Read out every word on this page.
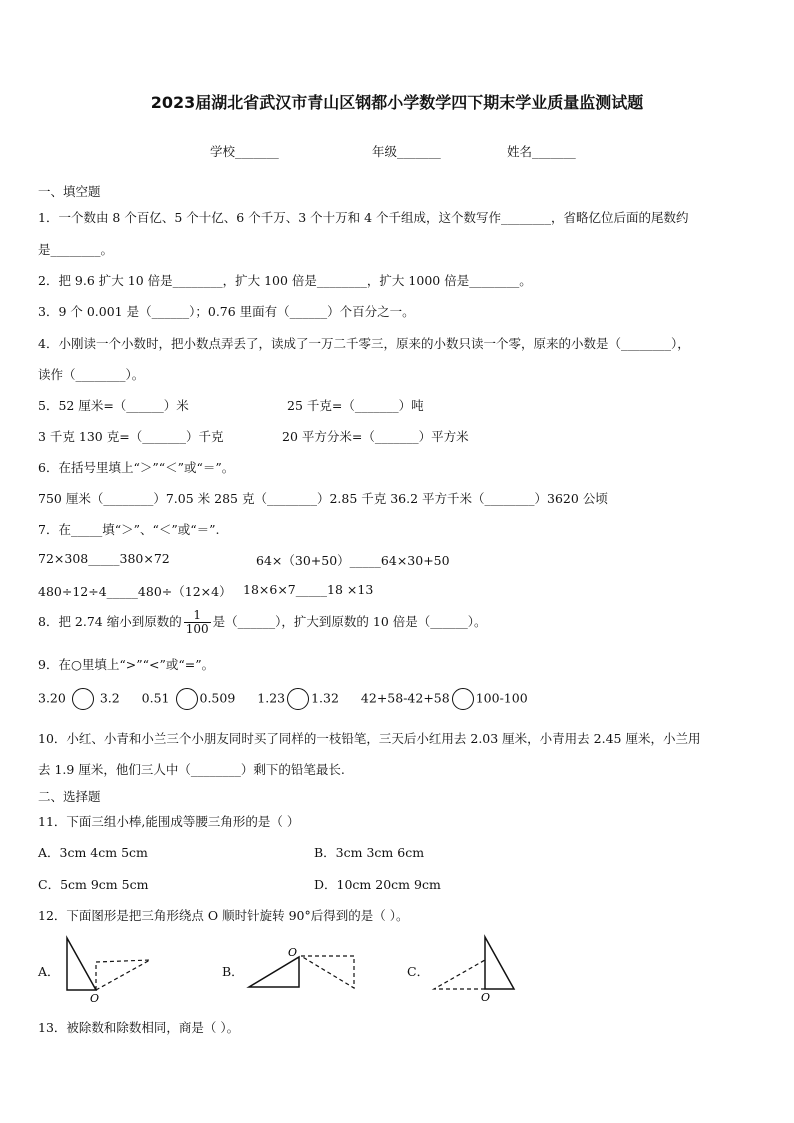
2023届湖北省武汉市青山区钢都小学数学四下期末学业质量监测试题
学校_______	年级_______	姓名_______
一、填空题
1．一个数由 8 个百亿、5 个十亿、6 个千万、3 个十万和 4 个千组成，这个数写作________，省略亿位后面的尾数约
是________。
2．把 9.6 扩大 10 倍是________，扩大 100 倍是________，扩大 1000 倍是________。
3．9 个 0.001 是（______）；0.76 里面有（______）个百分之一。
4．小刚读一个小数时，把小数点弄丢了，读成了一万二千零三，原来的小数只读一个零，原来的小数是（________），
读作（________）。
5．52 厘米=（______）米	25 千克=（_______）吨
3 千克 130 克=（_______）千克	20 平方分米=（_______）平方米
6．在括号里填上“＞”“＜”或“＝”。
750 厘米（________）7.05 米 285 克（________）2.85 千克 36.2 平方千米（________）3620 公顷
7．在_____填“＞”、“＜”或“＝”.
72×308_____380×72	64×（30+50）_____64×30+50
480÷12÷4_____480÷（12×4） 18×6×7_____18 ×13
8．把 2.74 缩小到原数的 $\frac{1}{100}$ 是（______），扩大到原数的 10 倍是（______）。
9．在○里填上“>”“<”或“=”。
3.20	3.2 0.51 0.509 1.23 1.32 42+58-42+58 100-100
10．小红、小青和小兰三个小朋友同时买了同样的一枝铅笔，三天后小红用去 2.03 厘米，小青用去 2.45 厘米，小兰用
去 1.9 厘米，他们三人中（________）剩下的铅笔最长.
二、选择题
11．下面三组小棒,能围成等腰三角形的是（ ）
A．3cm 4cm 5cm	B．3cm 3cm 6cm
C．5cm 9cm 5cm	D．10cm 20cm 9cm
12．下面图形是把三角形绕点 O 顺时针旋转 90°后得到的是（ ）。
A．
O
B．
O
C．
O
13．被除数和除数相同，商是（ ）。
